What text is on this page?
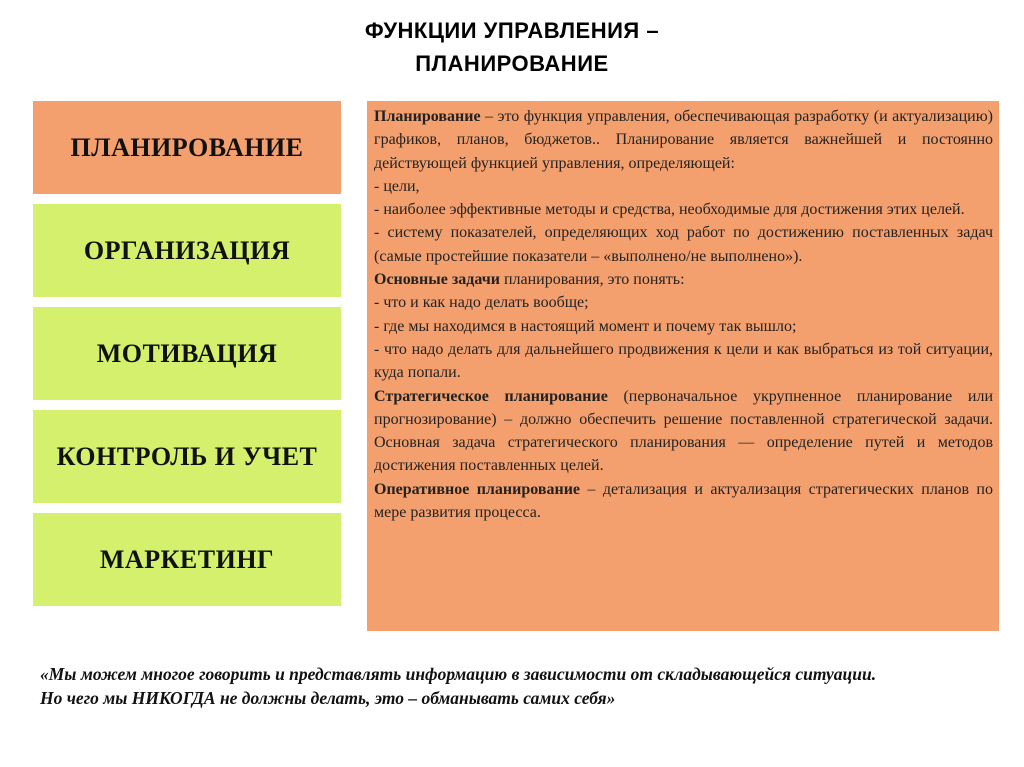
ФУНКЦИИ УПРАВЛЕНИЯ –
ПЛАНИРОВАНИЕ
ПЛАНИРОВАНИЕ
ОРГАНИЗАЦИЯ
МОТИВАЦИЯ
КОНТРОЛЬ И УЧЕТ
МАРКЕТИНГ

Планирование – это функция управления, обеспечивающая разработку (и актуализацию) графиков, планов, бюджетов.. Планирование является важнейшей и постоянно действующей функцией управления, определяющей:

- цели,

- наиболее эффективные методы и средства, необходимые для достижения этих целей.

- систему показателей, определяющих ход работ по достижению поставленных задач (самые простейшие показатели – «выполнено/не выполнено»).

Основные задачи планирования, это понять:

- что и как надо делать вообще;

- где мы находимся в настоящий момент и почему так вышло;

- что надо делать для дальнейшего продвижения к цели и как выбраться из той ситуации, куда попали.

Стратегическое планирование (первоначальное укрупненное планирование или прогнозирование) – должно обеспечить решение поставленной стратегической задачи. Основная задача стратегического планирования — определение путей и методов достижения поставленных целей.

Оперативное планирование – детализация и актуализация стратегических планов по мере развития процесса.

«Мы можем многое говорить и представлять информацию в зависимости от складывающейся ситуации.
Но чего мы НИКОГДА не должны делать, это – обманывать самих себя»
